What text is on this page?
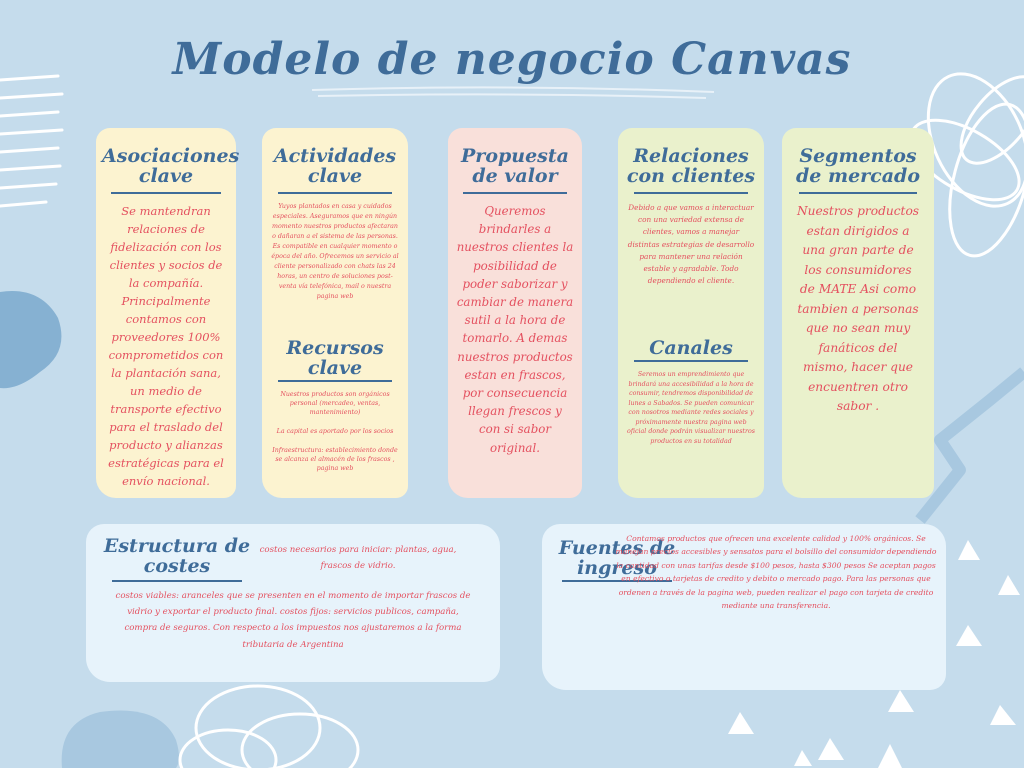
Modelo de negocio Canvas
Asociaciones clave

Se mantendran relaciones de fidelización con los clientes y socios de la compañía. Principalmente contamos con proveedores 100% comprometidos con la plantación sana, un medio de transporte efectivo para el traslado del producto y alianzas estratégicas para el envío nacional.

Actividades clave

Yuyos plantados en casa y cuidados especiales. Aseguramos que en ningún momento nuestros productos afectaran o dañaran a el sistema de las personas. Es compatible en cualquier momento o época del año. Ofrecemos un servicio al cliente personalizado con chats las 24 horas, un centro de soluciones post-venta vía telefónica, mail o nuestra pagina web

Recursos clave

Nuestros productos son orgánicos personal (mercadeo, ventas, mantenimiento)

La capital es aportado por los socios

Infraestructura: establecimiento donde se alcanza el almacén de los frascos , pagina web

Propuesta de valor

Queremos brindarles a nuestros clientes la posibilidad de poder saborizar y cambiar de manera sutil a la hora de tomarlo. A demas nuestros productos estan en frascos, por consecuencia llegan frescos y con si sabor original.

Relaciones con clientes

Debido a que vamos a interactuar con una variedad extensa de clientes, vamos a manejar distintas estrategias de desarrollo para mantener una relación estable y agradable. Todo dependiendo el cliente.

Canales

Seremos un emprendimiento que brindará una accesibilidad a la hora de consumir, tendremos disponibilidad de lunes a Sabados. Se pueden comunicar con nosotros mediante redes sociales y próximamente nuestra pagina web oficial donde podrán visualizar nuestros productos en su totalidad

Segmentos de mercado

Nuestros productos estan dirigidos a una gran parte de los consumidores de MATE Asi como tambien a personas que no sean muy fanáticos del mismo, hacer que encuentren otro sabor .

Estructura de costes

costos necesarios para iniciar: plantas, agua, frascos de vidrio.

costos viables: aranceles que se presenten en el momento de importar frascos de vidrio y exportar el producto final. costos fijos: servicios publicos, campaña, compra de seguros. Con respecto a los impuestos nos ajustaremos a la forma tributaria de Argentina

Fuentes de ingreso

Contamos productos que ofrecen una excelente calidad y 100% orgánicos. Se manejan precios accesibles y sensatos para el bolsillo del consumidor dependiendo la cantidad con unas tarifas desde $100 pesos, hasta $300 pesos Se aceptan pagos en efectivo o tarjetas de credito y debito o mercado pago. Para las personas que ordenen a través de la pagina web, pueden realizar el pago con tarjeta de credito mediante una transferencia.
